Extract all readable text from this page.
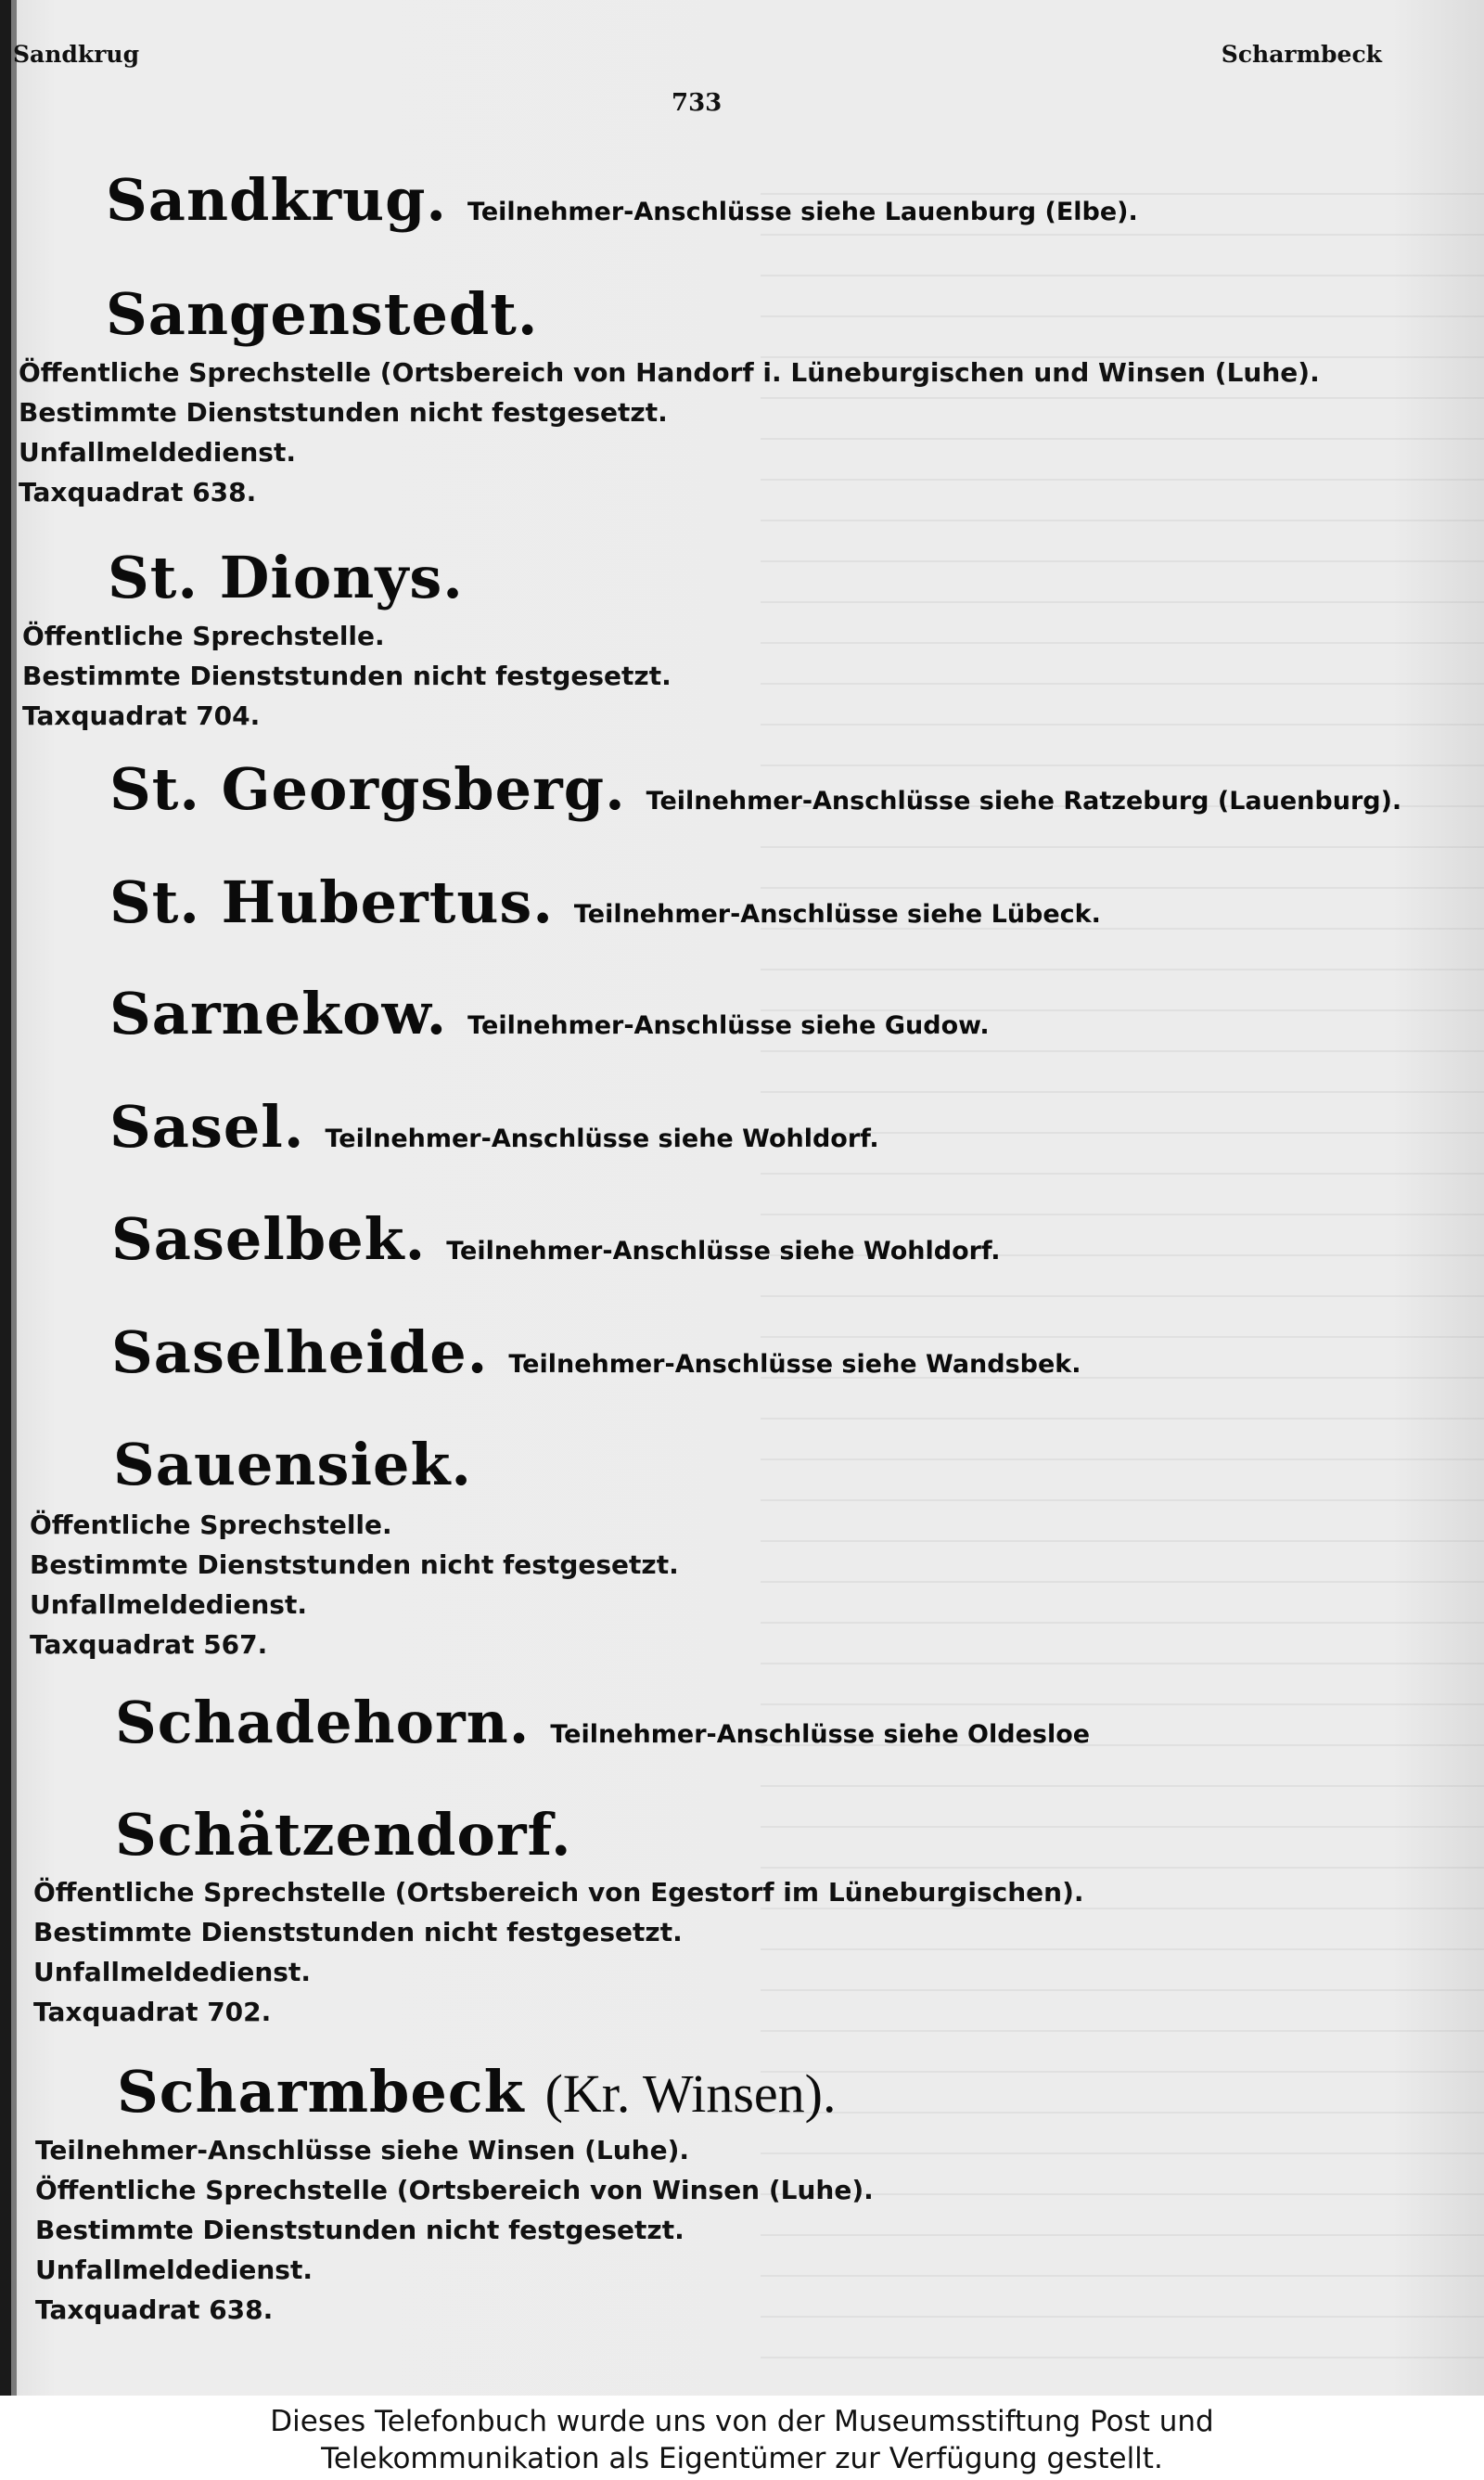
Sandkrug	Scharmbeck
733
Sandkrug. Teilnehmer-Anschlüsse siehe Lauenburg (Elbe).
Sangenstedt.
Öffentliche Sprechstelle (Ortsbereich von Handorf i. Lüneburgischen und Winsen (Luhe).
Bestimmte Dienststunden nicht festgesetzt.
Unfallmeldedienst.
Taxquadrat 638.
St. Dionys.
Öffentliche Sprechstelle.
Bestimmte Dienststunden nicht festgesetzt.
Taxquadrat 704.
St. Georgsberg. Teilnehmer-Anschlüsse siehe Ratzeburg (Lauenburg).
St. Hubertus. Teilnehmer-Anschlüsse siehe Lübeck.
Sarnekow. Teilnehmer-Anschlüsse siehe Gudow.
Sasel. Teilnehmer-Anschlüsse siehe Wohldorf.
Saselbek. Teilnehmer-Anschlüsse siehe Wohldorf.
Saselheide. Teilnehmer-Anschlüsse siehe Wandsbek.
Sauensiek.
Öffentliche Sprechstelle.
Bestimmte Dienststunden nicht festgesetzt.
Unfallmeldedienst.
Taxquadrat 567.
Schadehorn. Teilnehmer-Anschlüsse siehe Oldesloe
Schätzendorf.
Öffentliche Sprechstelle (Ortsbereich von Egestorf im Lüneburgischen).
Bestimmte Dienststunden nicht festgesetzt.
Unfallmeldedienst.
Taxquadrat 702.
Scharmbeck (Kr. Winsen).
Teilnehmer-Anschlüsse siehe Winsen (Luhe).
Öffentliche Sprechstelle (Ortsbereich von Winsen (Luhe).
Bestimmte Dienststunden nicht festgesetzt.
Unfallmeldedienst.
Taxquadrat 638.
Dieses Telefonbuch wurde uns von der Museumsstiftung Post und
Telekommunikation als Eigentümer zur Verfügung gestellt.
